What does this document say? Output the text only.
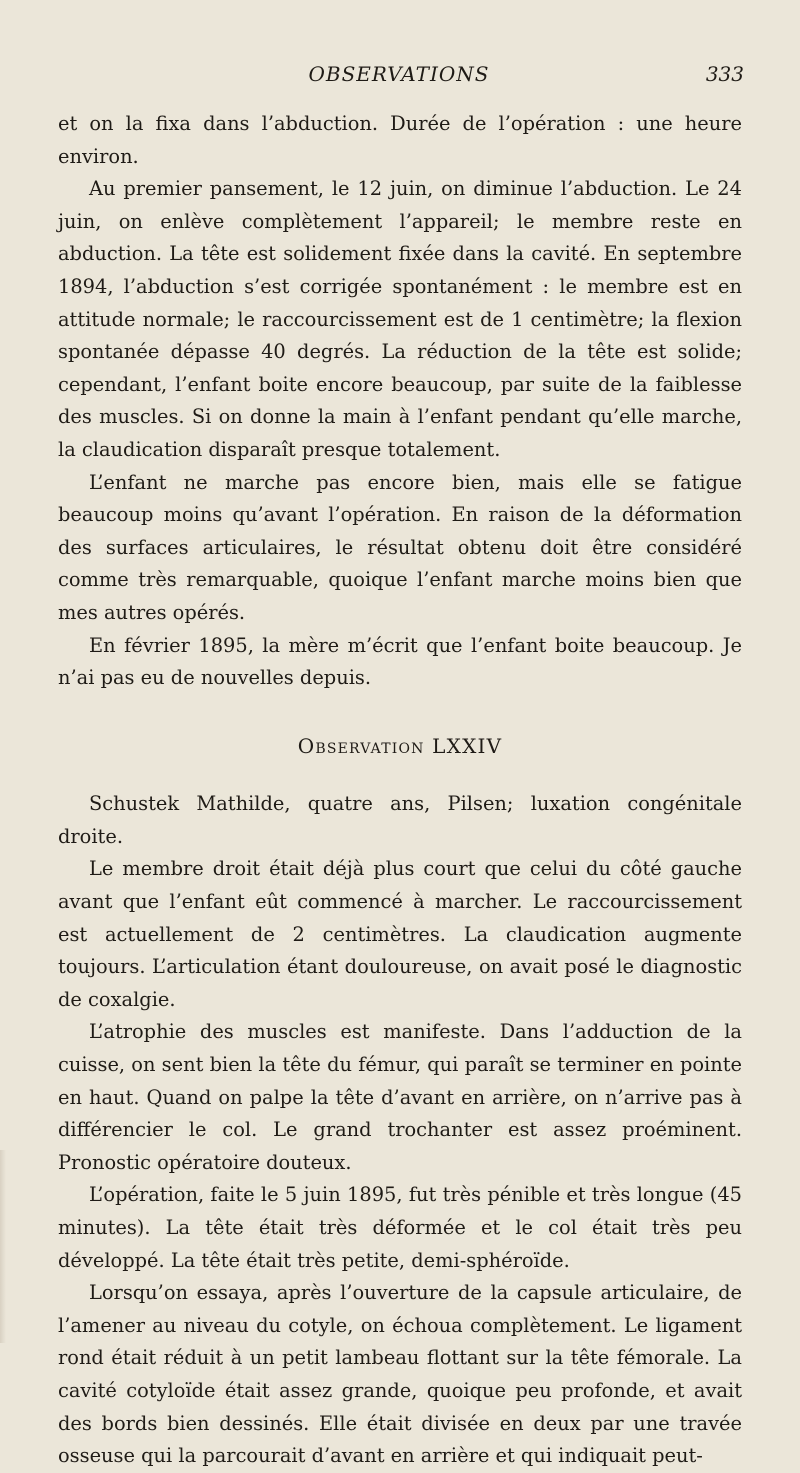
OBSERVATIONS	333

et on la fixa dans l’abduction. Durée de l’opération : une heure environ.

Au premier pansement, le 12 juin, on diminue l’abduction. Le 24 juin, on enlève complètement l’appareil; le membre reste en abduction. La tête est solidement fixée dans la cavité. En septembre 1894, l’abduction s’est corrigée spontanément : le membre est en attitude normale; le raccourcissement est de 1 centimètre; la flexion spontanée dépasse 40 degrés. La réduction de la tête est solide; cependant, l’enfant boite encore beaucoup, par suite de la faiblesse des muscles. Si on donne la main à l’enfant pendant qu’elle marche, la claudication disparaît presque totalement.

L’enfant ne marche pas encore bien, mais elle se fatigue beaucoup moins qu’avant l’opération. En raison de la déformation des surfaces articulaires, le résultat obtenu doit être considéré comme très remarquable, quoique l’enfant marche moins bien que mes autres opérés.

En février 1895, la mère m’écrit que l’enfant boite beaucoup. Je n’ai pas eu de nouvelles depuis.

Observation LXXIV

Schustek Mathilde, quatre ans, Pilsen; luxation congénitale droite.

Le membre droit était déjà plus court que celui du côté gauche avant que l’enfant eût commencé à marcher. Le raccourcissement est actuellement de 2 centimètres. La claudication augmente toujours. L’articulation étant douloureuse, on avait posé le diagnostic de coxalgie.

L’atrophie des muscles est manifeste. Dans l’adduction de la cuisse, on sent bien la tête du fémur, qui paraît se terminer en pointe en haut. Quand on palpe la tête d’avant en arrière, on n’arrive pas à différencier le col. Le grand trochanter est assez proéminent. Pronostic opératoire douteux.

L’opération, faite le 5 juin 1895, fut très pénible et très longue (45 minutes). La tête était très déformée et le col était très peu développé. La tête était très petite, demi-sphéroïde.

Lorsqu’on essaya, après l’ouverture de la capsule articulaire, de l’amener au niveau du cotyle, on échoua complètement. Le ligament rond était réduit à un petit lambeau flottant sur la tête fémorale. La cavité cotyloïde était assez grande, quoique peu profonde, et avait des bords bien dessinés. Elle était divisée en deux par une travée osseuse qui la parcourait d’avant en arrière et qui indiquait peut-
